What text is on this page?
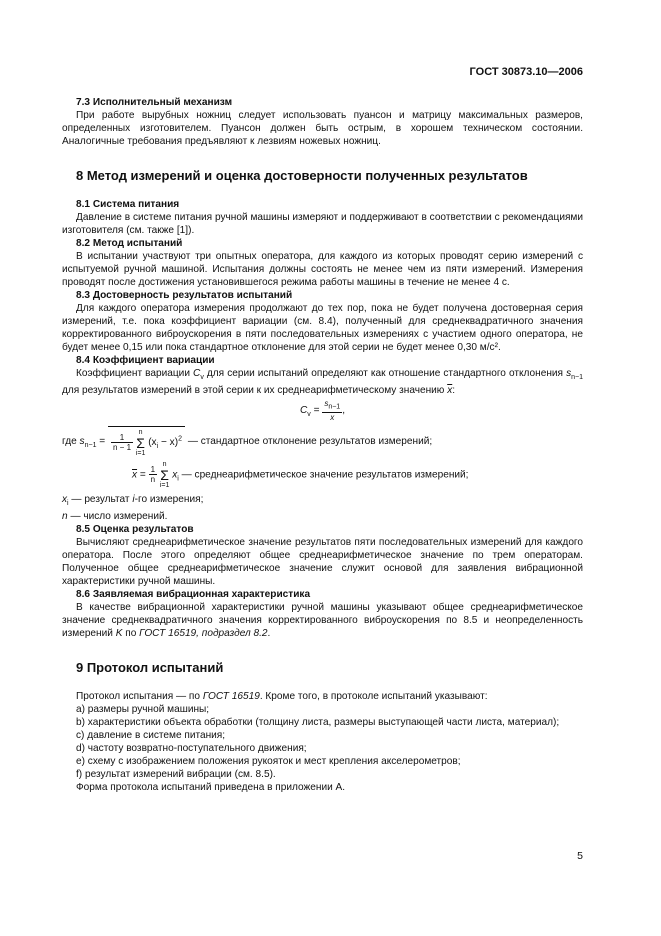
ГОСТ 30873.10—2006
7.3 Исполнительный механизм
При работе вырубных ножниц следует использовать пуансон и матрицу максимальных размеров, определенных изготовителем. Пуансон должен быть острым, в хорошем техническом состоянии. Аналогичные требования предъявляют к лезвиям ножевых ножниц.
8 Метод измерений и оценка достоверности полученных результатов
8.1 Система питания
Давление в системе питания ручной машины измеряют и поддерживают в соответствии с рекомендациями изготовителя (см. также [1]).
8.2 Метод испытаний
В испытании участвуют три опытных оператора, для каждого из которых проводят серию измерений с испытуемой ручной машиной. Испытания должны состоять не менее чем из пяти измерений. Измерения проводят после достижения установившегося режима работы машины в течение не менее 4 с.
8.3 Достоверность результатов испытаний
Для каждого оператора измерения продолжают до тех пор, пока не будет получена достоверная серия измерений, т.е. пока коэффициент вариации (см. 8.4), полученный для среднеквадратичного значения корректированного виброускорения в пяти последовательных измерениях с участием одного оператора, не будет менее 0,15 или пока стандартное отклонение для этой серии не будет менее 0,30 м/с².
8.4 Коэффициент вариации
Коэффициент вариации $C_v$ для серии испытаний определяют как отношение стандартного отклонения $s_{n-1}$ для результатов измерений в этой серии к их среднеарифметическому значению $\overline{x}$:
$C_v = \frac{s_{n-1}}{x}$ ,
где $s_{n-1} = \frac{1}{n - 1}$
n
Σ
i=1 $(x_i - x)^2$ — стандартное отклонение результатов измерений;
$\overline{x} = \frac{1}{n}$
n
Σ
i=1 $x_i$ — среднеарифметическое значение результатов измерений;
$x_i$ — результат i-го измерения;
n — число измерений.
8.5 Оценка результатов
Вычисляют среднеарифметическое значение результатов пяти последовательных измерений для каждого оператора. После этого определяют общее среднеарифметическое значение по трем операторам. Полученное общее среднеарифметическое значение служит основой для заявления вибрационной характеристики ручной машины.
8.6 Заявляемая вибрационная характеристика
В качестве вибрационной характеристики ручной машины указывают общее среднеарифметическое значение среднеквадратичного значения корректированного виброускорения по 8.5 и неопределенность измерений K по ГОСТ 16519, подраздел 8.2.
9 Протокол испытаний
Протокол испытания — по ГОСТ 16519. Кроме того, в протоколе испытаний указывают:
а) размеры ручной машины;
b) характеристики объекта обработки (толщину листа, размеры выступающей части листа, материал);
с) давление в системе питания;
d) частоту возвратно-поступательного движения;
е) схему с изображением положения рукояток и мест крепления акселерометров;
f) результат измерений вибрации (см. 8.5).
Форма протокола испытаний приведена в приложении А.
5
